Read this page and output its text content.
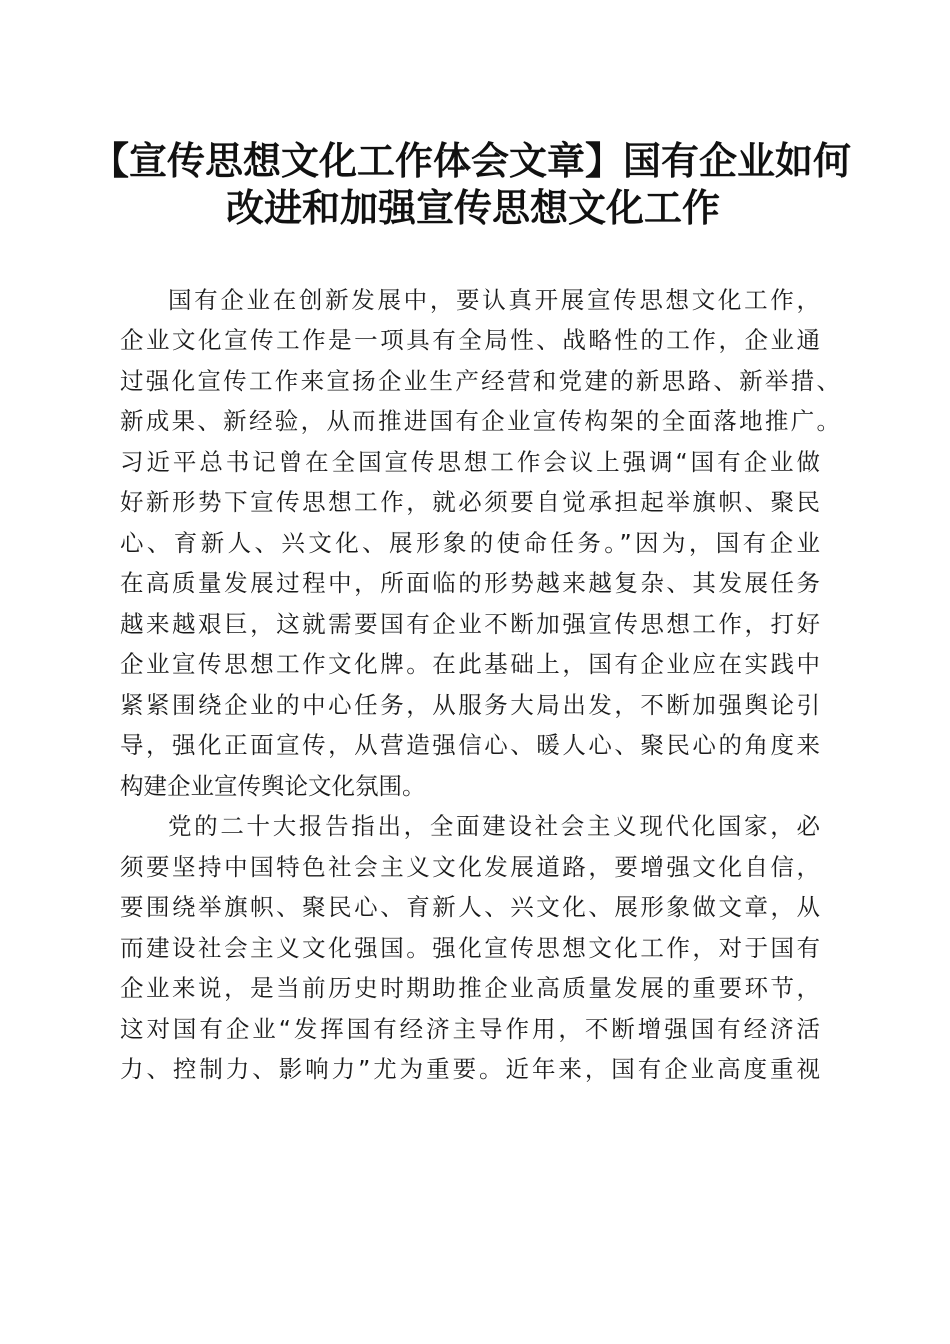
【宣传思想文化工作体会文章】国有企业如何
改进和加强宣传思想文化工作
国有企业在创新发展中，要认真开展宣传思想文化工作，
企业文化宣传工作是一项具有全局性、战略性的工作，企业通
过强化宣传工作来宣扬企业生产经营和党建的新思路、新举措、
新成果、新经验，从而推进国有企业宣传构架的全面落地推广。
习近平总书记曾在全国宣传思想工作会议上强调“国有企业做
好新形势下宣传思想工作，就必须要自觉承担起举旗帜、聚民
心、育新人、兴文化、展形象的使命任务。”因为，国有企业
在高质量发展过程中，所面临的形势越来越复杂、其发展任务
越来越艰巨，这就需要国有企业不断加强宣传思想工作，打好
企业宣传思想工作文化牌。在此基础上，国有企业应在实践中
紧紧围绕企业的中心任务，从服务大局出发，不断加强舆论引
导，强化正面宣传，从营造强信心、暖人心、聚民心的角度来
构建企业宣传舆论文化氛围。
党的二十大报告指出，全面建设社会主义现代化国家，必
须要坚持中国特色社会主义文化发展道路，要增强文化自信，
要围绕举旗帜、聚民心、育新人、兴文化、展形象做文章，从
而建设社会主义文化强国。强化宣传思想文化工作，对于国有
企业来说，是当前历史时期助推企业高质量发展的重要环节，
这对国有企业“发挥国有经济主导作用，不断增强国有经济活
力、控制力、影响力”尤为重要。近年来，国有企业高度重视
